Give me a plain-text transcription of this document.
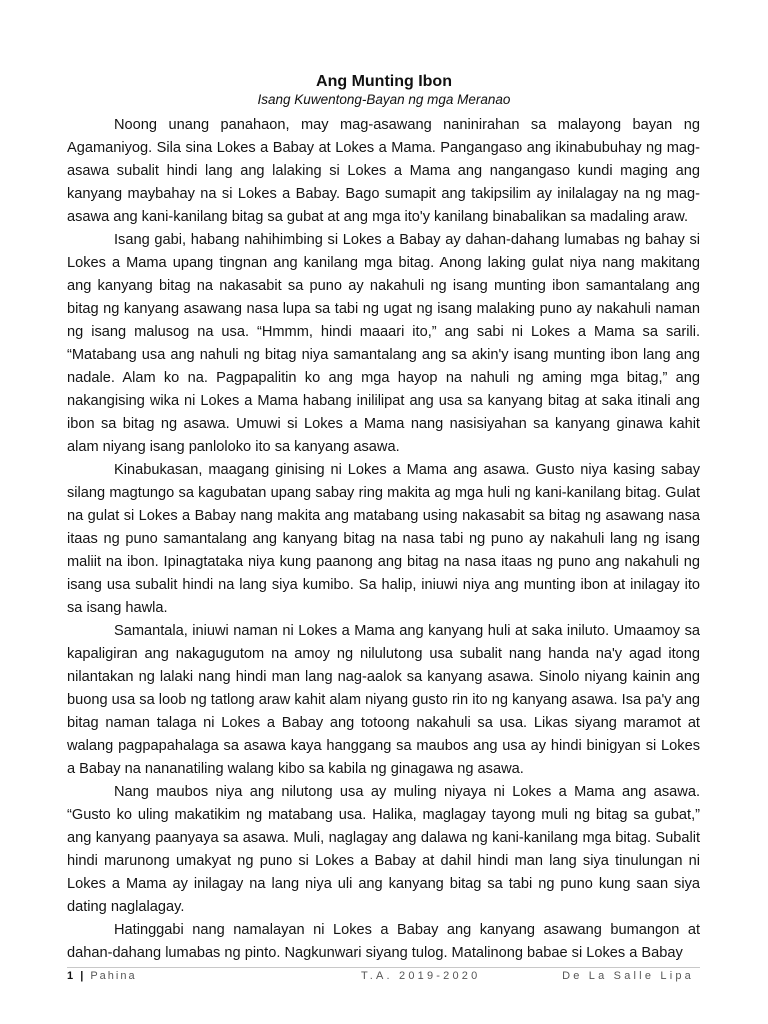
Ang Munting Ibon
Isang Kuwentong-Bayan ng mga Meranao

Noong unang panahaon, may mag-asawang naninirahan sa malayong bayan ng Agamaniyog. Sila sina Lokes a Babay at Lokes a Mama. Pangangaso ang ikinabubuhay ng mag-asawa subalit hindi lang ang lalaking si Lokes a Mama ang nangangaso kundi maging ang kanyang maybahay na si Lokes a Babay. Bago sumapit ang takipsilim ay inilalagay na ng mag-asawa ang kani-kanilang bitag sa gubat at ang mga ito'y kanilang binabalikan sa madaling araw.

Isang gabi, habang nahihimbing si Lokes a Babay ay dahan-dahang lumabas ng bahay si Lokes a Mama upang tingnan ang kanilang mga bitag. Anong laking gulat niya nang makitang ang kanyang bitag na nakasabit sa puno ay nakahuli ng isang munting ibon samantalang ang bitag ng kanyang asawang nasa lupa sa tabi ng ugat ng isang malaking puno ay nakahuli naman ng isang malusog na usa. “Hmmm, hindi maaari ito,” ang sabi ni Lokes a Mama sa sarili. “Matabang usa ang nahuli ng bitag niya samantalang ang sa akin'y isang munting ibon lang ang nadale. Alam ko na. Pagpapalitin ko ang mga hayop na nahuli ng aming mga bitag,” ang nakangising wika ni Lokes a Mama habang inililipat ang usa sa kanyang bitag at saka itinali ang ibon sa bitag ng asawa. Umuwi si Lokes a Mama nang nasisiyahan sa kanyang ginawa kahit alam niyang isang panloloko ito sa kanyang asawa.

Kinabukasan, maagang ginising ni Lokes a Mama ang asawa. Gusto niya kasing sabay silang magtungo sa kagubatan upang sabay ring makita ag mga huli ng kani-kanilang bitag. Gulat na gulat si Lokes a Babay nang makita ang matabang using nakasabit sa bitag ng asawang nasa itaas ng puno samantalang ang kanyang bitag na nasa tabi ng puno ay nakahuli lang ng isang maliit na ibon. Ipinagtataka niya kung paanong ang bitag na nasa itaas ng puno ang nakahuli ng isang usa subalit hindi na lang siya kumibo. Sa halip, iniuwi niya ang munting ibon at inilagay ito sa isang hawla.

Samantala, iniuwi naman ni Lokes a Mama ang kanyang huli at saka iniluto. Umaamoy sa kapaligiran ang nakagugutom na amoy ng nilulutong usa subalit nang handa na'y agad itong nilantakan ng lalaki nang hindi man lang nag-aalok sa kanyang asawa. Sinolo niyang kainin ang buong usa sa loob ng tatlong araw kahit alam niyang gusto rin ito ng kanyang asawa. Isa pa'y ang bitag naman talaga ni Lokes a Babay ang totoong nakahuli sa usa. Likas siyang maramot at walang pagpapahalaga sa asawa kaya hanggang sa maubos ang usa ay hindi binigyan si Lokes a Babay na nananatiling walang kibo sa kabila ng ginagawa ng asawa.

Nang maubos niya ang nilutong usa ay muling niyaya ni Lokes a Mama ang asawa. “Gusto ko uling makatikim ng matabang usa. Halika, maglagay tayong muli ng bitag sa gubat,” ang kanyang paanyaya sa asawa. Muli, naglagay ang dalawa ng kani-kanilang mga bitag. Subalit hindi marunong umakyat ng puno si Lokes a Babay at dahil hindi man lang siya tinulungan ni Lokes a Mama ay inilagay na lang niya uli ang kanyang bitag sa tabi ng puno kung saan siya dating naglalagay.

Hatinggabi nang namalayan ni Lokes a Babay ang kanyang asawang bumangon at dahan-dahang lumabas ng pinto. Nagkunwari siyang tulog. Matalinong babae si Lokes a Babay

1 | Pahina	T.A. 2019-2020	De La Salle Lipa
